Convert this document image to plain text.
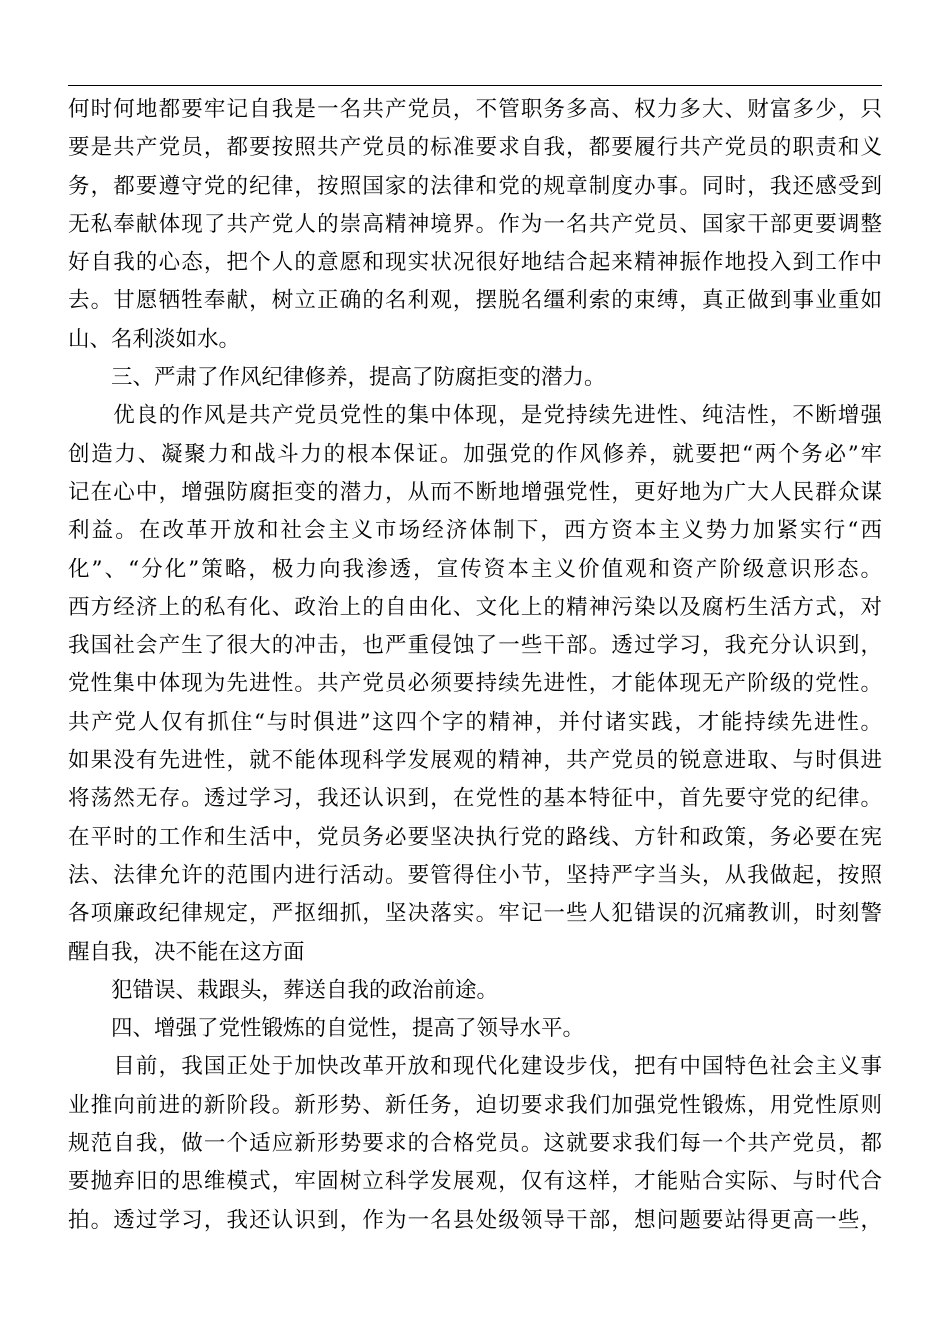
何时何地都要牢记自我是一名共产党员，不管职务多高、权力多大、财富多少，只
要是共产党员，都要按照共产党员的标准要求自我，都要履行共产党员的职责和义
务，都要遵守党的纪律，按照国家的法律和党的规章制度办事。同时，我还感受到
无私奉献体现了共产党人的崇高精神境界。作为一名共产党员、国家干部更要调整
好自我的心态，把个人的意愿和现实状况很好地结合起来精神振作地投入到工作中
去。甘愿牺牲奉献，树立正确的名利观，摆脱名缰利索的束缚，真正做到事业重如
山、名利淡如水。
　　三、严肃了作风纪律修养，提高了防腐拒变的潜力。
　　优良的作风是共产党员党性的集中体现，是党持续先进性、纯洁性，不断增强
创造力、凝聚力和战斗力的根本保证。加强党的作风修养，就要把“两个务必”牢
记在心中，增强防腐拒变的潜力，从而不断地增强党性，更好地为广大人民群众谋
利益。在改革开放和社会主义市场经济体制下，西方资本主义势力加紧实行“西
化”、“分化”策略，极力向我渗透，宣传资本主义价值观和资产阶级意识形态。
西方经济上的私有化、政治上的自由化、文化上的精神污染以及腐朽生活方式，对
我国社会产生了很大的冲击，也严重侵蚀了一些干部。透过学习，我充分认识到，
党性集中体现为先进性。共产党员必须要持续先进性，才能体现无产阶级的党性。
共产党人仅有抓住“与时俱进”这四个字的精神，并付诸实践，才能持续先进性。
如果没有先进性，就不能体现科学发展观的精神，共产党员的锐意进取、与时俱进
将荡然无存。透过学习，我还认识到，在党性的基本特征中，首先要守党的纪律。
在平时的工作和生活中，党员务必要坚决执行党的路线、方针和政策，务必要在宪
法、法律允许的范围内进行活动。要管得住小节，坚持严字当头，从我做起，按照
各项廉政纪律规定，严抠细抓，坚决落实。牢记一些人犯错误的沉痛教训，时刻警
醒自我，决不能在这方面
　　犯错误、栽跟头，葬送自我的政治前途。
　　四、增强了党性锻炼的自觉性，提高了领导水平。
　　目前，我国正处于加快改革开放和现代化建设步伐，把有中国特色社会主义事
业推向前进的新阶段。新形势、新任务，迫切要求我们加强党性锻炼，用党性原则
规范自我，做一个适应新形势要求的合格党员。这就要求我们每一个共产党员，都
要抛弃旧的思维模式，牢固树立科学发展观，仅有这样，才能贴合实际、与时代合
拍。透过学习，我还认识到，作为一名县处级领导干部，想问题要站得更高一些，
